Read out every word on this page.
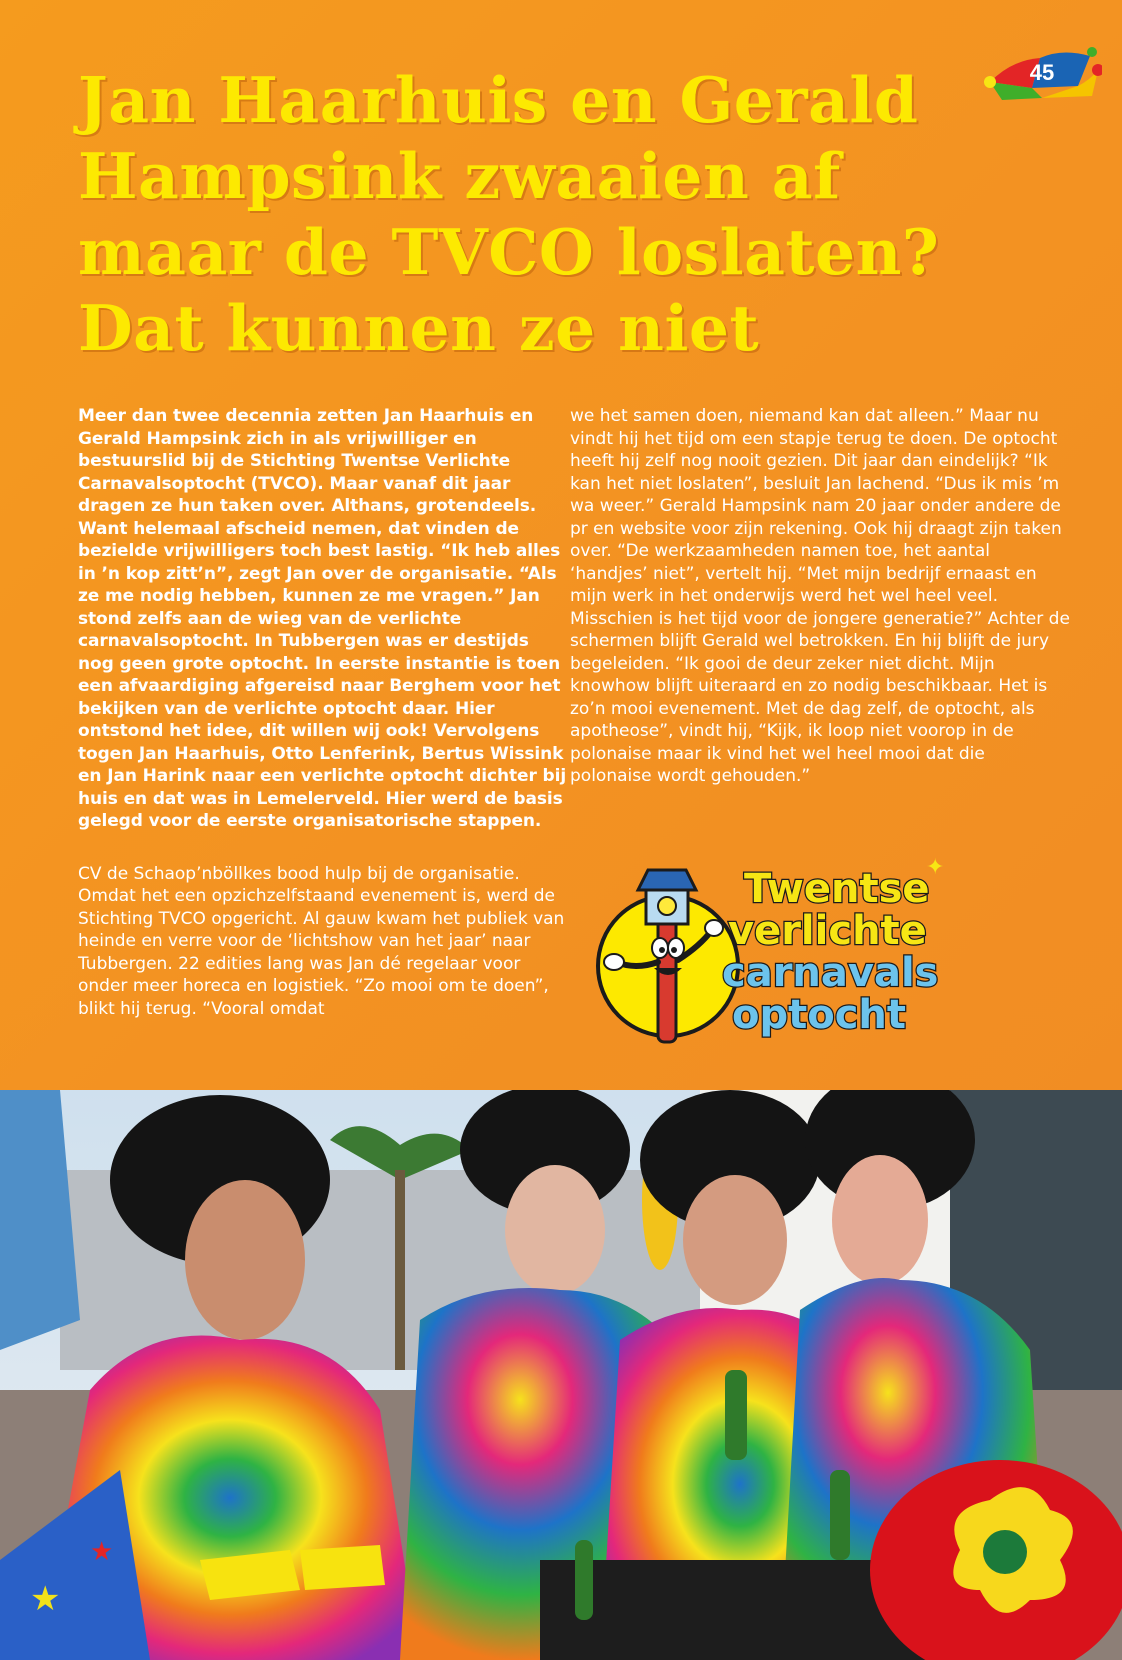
45
Jan Haarhuis en Gerald Hampsink zwaaien af maar de TVCO loslaten? Dat kunnen ze niet

Meer dan twee decennia zetten Jan Haarhuis en Gerald Hampsink zich in als vrijwilliger en bestuurslid bij de Stichting Twentse Verlichte Carnavalsoptocht (TVCO). Maar vanaf dit jaar dragen ze hun taken over. Althans, grotendeels. Want helemaal afscheid nemen, dat vinden de bezielde vrijwilligers toch best lastig. “Ik heb alles in ’n kop zitt’n”, zegt Jan over de organisatie. “Als ze me nodig hebben, kunnen ze me vragen.” Jan stond zelfs aan de wieg van de verlichte carnavalsoptocht. In Tubbergen was er destijds nog geen grote optocht. In eerste instantie is toen een afvaardiging afgereisd naar Berghem voor het bekijken van de verlichte optocht daar. Hier ontstond het idee, dit willen wij ook! Vervolgens togen Jan Haarhuis, Otto Lenferink, Bertus Wissink en Jan Harink naar een verlichte optocht dichter bij huis en dat was in Lemelerveld. Hier werd de basis gelegd voor de eerste organisatorische stappen.

CV de Schaop’nböllkes bood hulp bij de organisatie. Omdat het een opzichzelfstaand evenement is, werd de Stichting TVCO opgericht. Al gauw kwam het publiek van heinde en verre voor de ‘lichtshow van het jaar’ naar Tubbergen. 22 edities lang was Jan dé regelaar voor onder meer horeca en logistiek. “Zo mooi om te doen”, blikt hij terug. “Vooral omdat

we het samen doen, niemand kan dat alleen.” Maar nu vindt hij het tijd om een stapje terug te doen. De optocht heeft hij zelf nog nooit gezien. Dit jaar dan eindelijk? “Ik kan het niet loslaten”, besluit Jan lachend. “Dus ik mis ’m wa weer.” Gerald Hampsink nam 20 jaar onder andere de pr en website voor zijn rekening. Ook hij draagt zijn taken over. “De werkzaamheden namen toe, het aantal ‘handjes’ niet”, vertelt hij. “Met mijn bedrijf ernaast en mijn werk in het onderwijs werd het wel heel veel. Misschien is het tijd voor de jongere generatie?” Achter de schermen blijft Gerald wel betrokken. En hij blijft de jury begeleiden. “Ik gooi de deur zeker niet dicht. Mijn knowhow blijft uiteraard en zo nodig beschikbaar. Het is zo’n mooi evenement. Met de dag zelf, de optocht, als apotheose”, vindt hij, “Kijk, ik loop niet voorop in de polonaise maar ik vind het wel heel mooi dat die polonaise wordt gehouden.”

Twentse
verlichte
carnavals
optocht
✦
★
★
